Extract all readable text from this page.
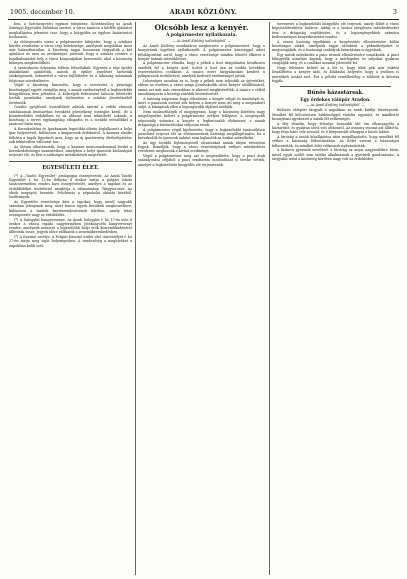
1905. december 10.	ARADI KÖZLÖNY.	3

ben, a Széchenyi-téri egykori telepitése. Következőleg az Aradi Szinügyi Egyesület belátásai szerint, a város tanácsa a kétféle ajánlatot meghallgatva jelentést tesz, hogy a közgyűlés az ügyben határozatot hozhasson.

Az előterjesztés során a polgármester kifejtette, hogy a színházi kérdés rendezése a város régi kötelessége, amelynek megoldása most már halaszthatatlan. A bizottság tagjai hosszasan tárgyalták a két ajánlatot és arra az eredményre jutottak, hogy a színház részére a legalkalmasabb hely a város központjában keresendő, ahol a közönség könnyen megközelítheti.

A tanácskozás folyamán többen felszólaltak. Egyesek a régi épület átalakítását ajánlották, mások új épület emelését tartották szükségesnek, tekintettel a város fejlődésére és a lakosság számának folytonos növekedésére.

Végül a bizottság kimondta, hogy a tervezetet a pénzügyi bizottsággal együtt vizsgálja meg, s annak eredményéről a legközelebbi közgyűlésen tesz jelentést. A költségek fedezésére kölcsön felvételét hozták javaslatba, amelynek törlesztése a színház jövedelméből történnék.

Gondos gyűjtéssel összeállított adatok szerint a vidéki városok színházainak fenntartása évenként jelentékeny összegbe kerül, de a közművelődés érdekében ez az áldozat nem tekinthető soknak. A bizottság a tervet egyhangúlag elfogadta és a további teendőkkel a tanácsot bízta meg.

A Kereskedelmi és Iparkamara legutóbbi ülésén foglalkozott a helyi ipar helyzetével, különösen a kisiparosok érdekeivel. A kamara elnöke felhívta a tagok figyelmét arra, hogy az új ipartörvény életbeléptetése sok tekintetben változást hoz.

Az ülésen elhatározták, hogy a kamara memorandummal fordul a kereskedelemügyi miniszterhez, amelyben a helyi iparosok kívánságait terjeszti elő, és kéri a szükséges intézkedések megtételét.

EGYESÜLETI ÉLET.

(*) A „Tanító Egyesület” pedagógiai összejövetele. Az Aradi Tanító Egyesület f. hó 12-én délután 4 órakor tartja a polgári iskola tanácstermében rendes havi összejövetelét, amelyre a tagokat és az érdeklődőket tisztelettel meghívja a választmány. Tárgysorozat: Az elnök megnyitó beszéde. Felolvasás a népiskolai oktatás köréből. Indítványok.

Az Egyesület vezetősége kéri a tagokat, hogy minél nagyobb számban jelenjenek meg, mert fontos ügyek kerülnek megbeszélésre, különösen a tanítók fizetésrendezésének kérdése, amely iránt országszerte nagy az érdeklődés.

(*) A Dalegylet hangversenye. Az Aradi Dalegylet f. hó 17-én este 8 órakor a városi vigadó nagytermében jótékonycélú hangversenyt rendez, amelynek műsorát a legkiválóbb helyi erők közreműködésével állították össze. Jegyek előre válthatók a zeneműkereskedésben.

(*) A Kaszinó estélye. A Polgári Kaszinó ezidei első táncestélyét f. hó 27-én tartja meg saját helyiségeiben. A rendezőség a meghívókat a napokban küldi szét.

Olcsóbb lesz a kenyér.
A polgármester nyilatkozata.
— Az Aradi Közlöny tudósítójától. —

Az Aradi Közlöny munkatársa megkereste a polgármestert, hogy a kenyérárak ügyében nyilatkozzék. A polgármester készséggel adott felvilágosítást arról, hogy a város vezetősége minden lehetőt elkövet a kenyér árának mérséklésére.

A polgármester előadta, hogy a pékek a liszt drágulására hivatkozva emelték fel a kenyér árát, holott a liszt ára az utóbbi hetekben észrevehetően csökkent. A tanács ezért tárgyalásokat kezdett a pékiparosok testületével, amelyek kedvező eredménnyel jártak.

Lehetséges azonban az is, hogy a pékek nem teljesítik az ígéretüket, ebben az esetben a város maga gondoskodik olcsó kenyér előállításáról, amint azt már más városokban is sikerrel megkísérelték. A tanács e célból tanulmányozta a községi sütődék berendezését.

A hatóság szigorúan fogja ellenőrizni a kenyér súlyát és minőségét is, mert a panaszok szerint sok helyen a kenyér nem üti meg a megszabott súlyt. A kihágások ellen a legszigorúbb eljárást indítják.

Nem mulaszthatjuk el megjegyezni, hogy a közönség körében nagy megelégedést keltett a polgármester erélyes fellépése. A szegényebb néposztály számára a kenyér a legfontosabb élelmiszer, s annak drágasága a háztartásokat súlyosan érinti.

A polgármester végül kijelentette, hogy a legközelebbi tanácsülésen javaslatot terjeszt elő az élelmiszerárak hatósági megállapítására, ha a kereskedők és iparosok önként nem hajlandók az árakat mérsékelni.

Az ügy további fejleményeiről olvasóinkat annak idején értesíteni fogjuk. Reméljük, hogy a város vezetőségének erélyes intézkedései rövidesen meghozzák a kívánt eredményt.

Végül a polgármester még azt is megemlítette, hogy a piaci árak szabályozása céljából a piaci rendtartás módosítását is tervbe vették, amelyet a legközelebbi közgyűlés elé terjesztenek.

tervezetet a legközelebbi közgyűlés elé terjeszti, amely fölött a város képviselőtestülete határoz. Addig is a tanács ideiglenes intézkedéseket tesz a drágaság enyhítésére, és a legszegényebbek számára kedvezményes kenyérkiosztást rendez.

A városi hatóság egyébként a kenyérsütés ellenőrzésére külön bizottságot alakít, amelynek tagjai időnként a pékműhelyeket is megvizsgálják, és a tisztasági szabályok betartására is ügyelnek.

Egy másik intézkedés a piaci árusok ellenőrzésére vonatkozik. A piaci felügyelők utasítást kaptak, hogy a mérlegeket és súlyokat gyakran vizsgálják meg, és a csalókat azonnal jelentsék fel.

Nagy feltűnést keltett az a hír is, hogy több pék már önként leszállította a kenyér árát, és kilátásba helyezte, hogy a jövőben is mérsékelt árakat tart. Ezt a példát remélhetőleg a többiek is követni fogják.

Bűnös házastársak.
Egy érdekes válópör Aradon.
— Az Aradi Közlöny tudósítójától. —

Különös válópört tárgyalt a napokban az aradi királyi törvényszék. Mindkét fél kölcsönösen hűtlenséggel vádolta egymást, és mindkettő bizonyítani igyekezett a másik fél vétkességét.

A férj előadta, hogy felesége hosszabb idő óta elhanyagolta a háztartást, és gyakran távol volt otthonról. Az asszony viszont azt állította, hogy férje bánt vele rosszul, és ő kényszerült elhagyni a közös lakást.

A bíróság a tanúk kihallgatása után megállapította, hogy mindkét fél vétkes a házasság felbontásában. Az ítélet szerint a házasságot felbontották, és mindkét felet vétkesnek nyilvánították.

A kiskorú gyermek nevelését a bíróság az anyai nagyszülőkre bízta, mivel egyik szülőt sem találta alkalmasnak a gyermek gondozására. A tárgyalás iránt a közönség körében nagy volt az érdeklődés.
